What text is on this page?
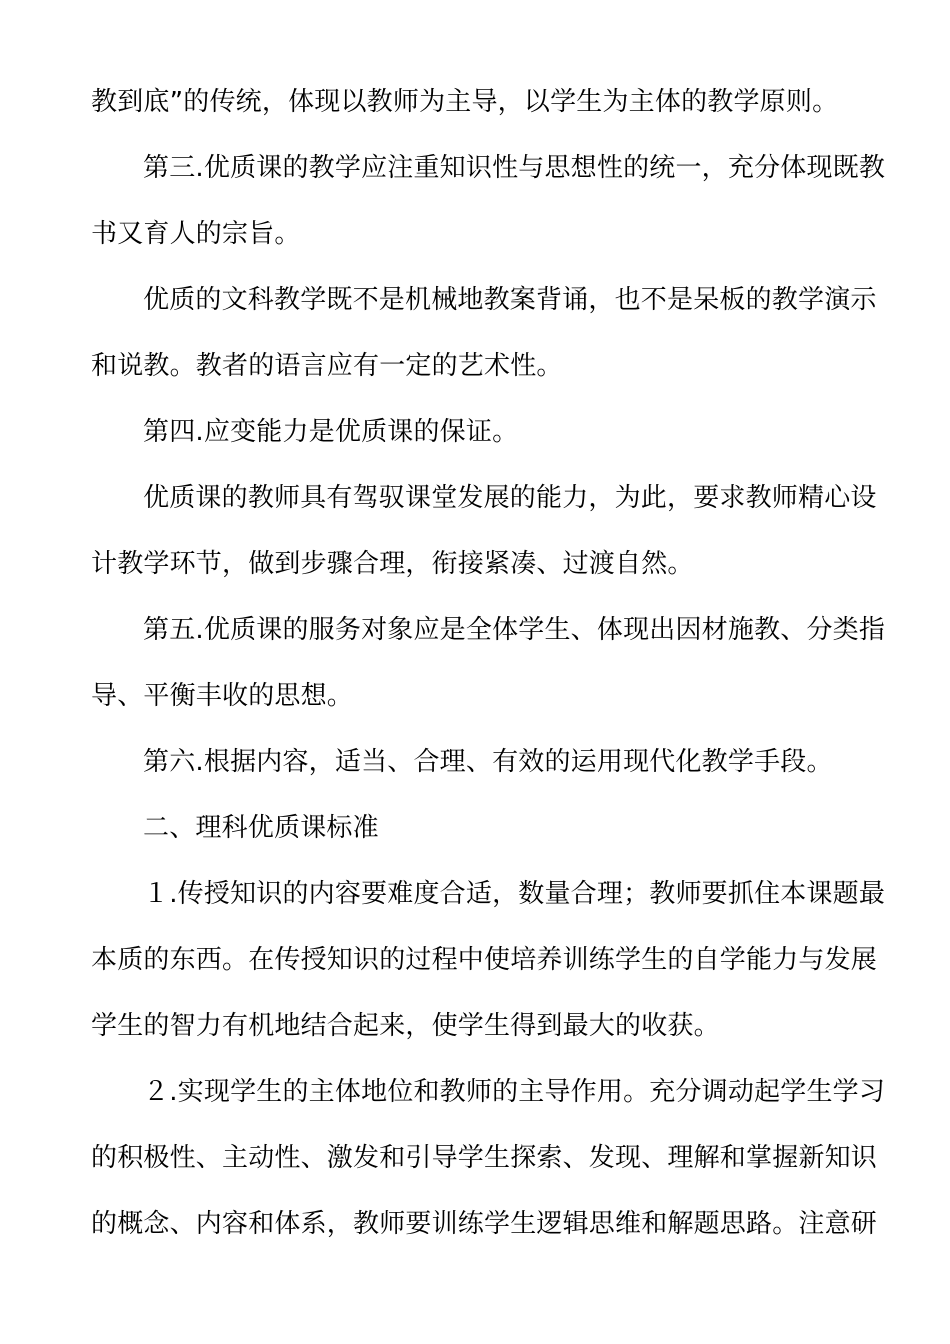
教到底”的传统，体现以教师为主导，以学生为主体的教学原则。
第三.优质课的教学应注重知识性与思想性的统一，充分体现既教
书又育人的宗旨。
优质的文科教学既不是机械地教案背诵，也不是呆板的教学演示
和说教。教者的语言应有一定的艺术性。
第四.应变能力是优质课的保证。
优质课的教师具有驾驭课堂发展的能力，为此，要求教师精心设
计教学环节，做到步骤合理，衔接紧凑、过渡自然。
第五.优质课的服务对象应是全体学生、体现出因材施教、分类指
导、平衡丰收的思想。
第六.根据内容，适当、合理、有效的运用现代化教学手段。
二、理科优质课标准
１.传授知识的内容要难度合适，数量合理；教师要抓住本课题最
本质的东西。在传授知识的过程中使培养训练学生的自学能力与发展
学生的智力有机地结合起来，使学生得到最大的收获。
２.实现学生的主体地位和教师的主导作用。充分调动起学生学习
的积极性、主动性、激发和引导学生探索、发现、理解和掌握新知识
的概念、内容和体系，教师要训练学生逻辑思维和解题思路。注意研
